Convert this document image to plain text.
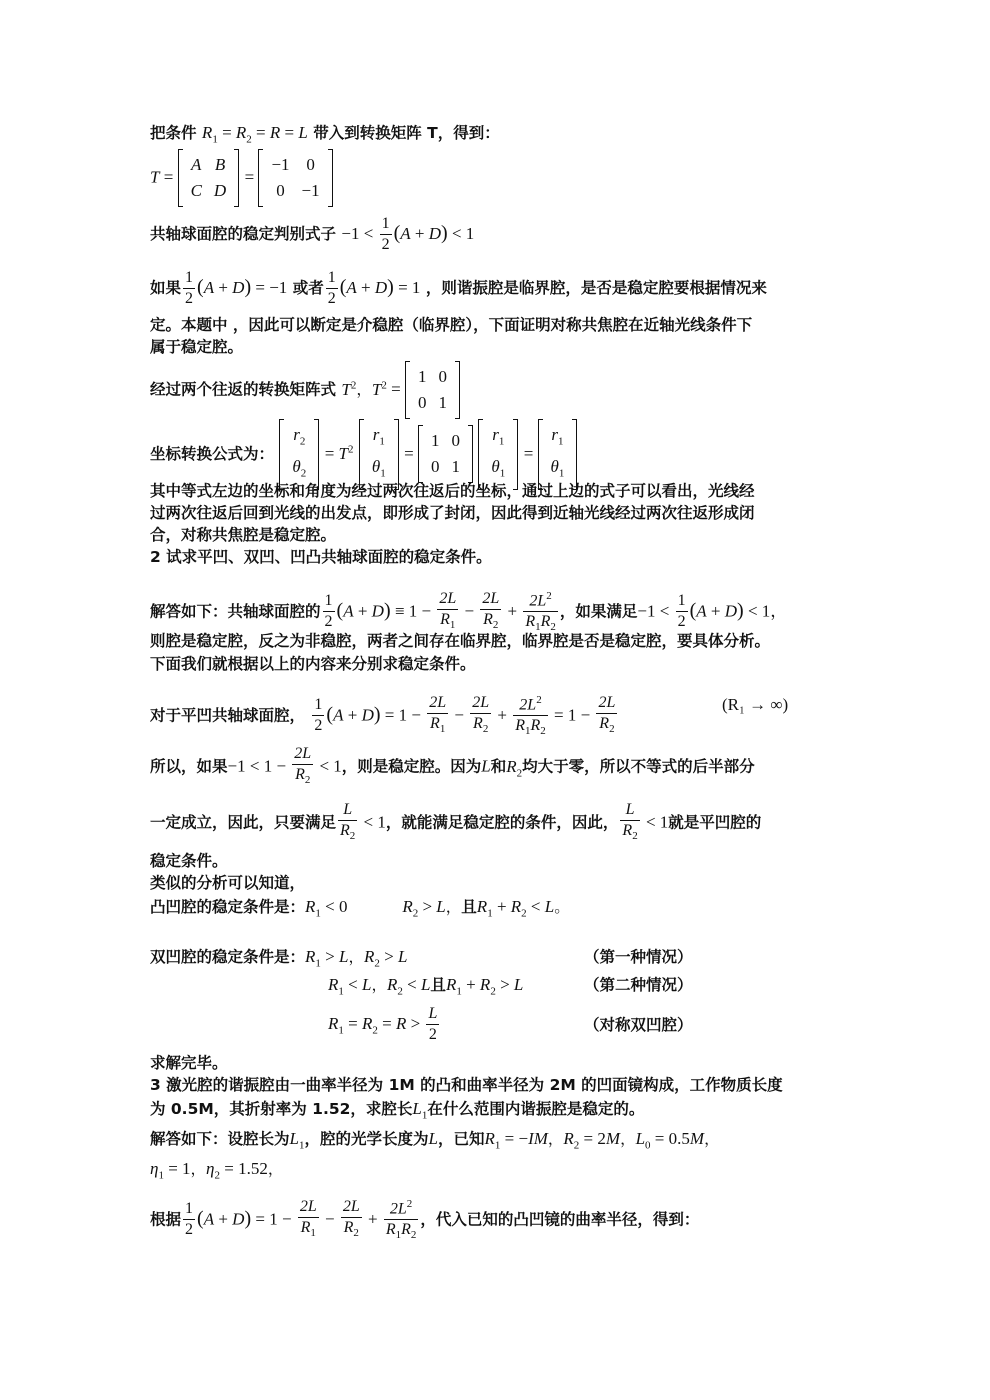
把条件 $R_1 = R_2 = R = L$ 带入到转换矩阵 T，得到：
T =
A	B
C	D
=
−1	0
0	−1
共轴球面腔的稳定判别式子 $-1 < \frac{1}{2} (A + D) < 1$
如果 $\frac{1}{2} (A + D) = -1$ 或者 $\frac{1}{2} (A + D) = 1$ ，则谐振腔是临界腔，是否是稳定腔要根据情况来
定。本题中 ，因此可以断定是介稳腔（临界腔），下面证明对称共焦腔在近轴光线条件下
属于稳定腔。
经过两个往返的转换矩阵式 $T^2$，$T^2$ =
1	0
0	1
坐标转换公式为：
$r_2$
$\theta_2$
= $T^2$
$r_1$
$\theta_1$
=
1	0
0	1

$r_1$
$\theta_1$
=
$r_1$
$\theta_1$
其中等式左边的坐标和角度为经过两次往返后的坐标，通过上边的式子可以看出，光线经
过两次往返后回到光线的出发点，即形成了封闭，因此得到近轴光线经过两次往返形成闭
合，对称共焦腔是稳定腔。
2 试求平凹、双凹、凹凸共轴球面腔的稳定条件。
解答如下：共轴球面腔的 $\frac{1}{2} (A + D) \equiv 1 - \frac{2L}{R_1} - \frac{2L}{R_2} + \frac{2L^2}{R_1R_2}$ ，如果满足$-1 < \frac{1}{2} (A + D) < 1$，
则腔是稳定腔，反之为非稳腔，两者之间存在临界腔，临界腔是否是稳定腔，要具体分析。
下面我们就根据以上的内容来分别求稳定条件。
对于平凹共轴球面腔， $\frac{1}{2} (A + D) = 1 - \frac{2L}{R_1} - \frac{2L}{R_2} + \frac{2L^2}{R_1R_2} = 1 - \frac{2L}{R_2}$	(R₁ → ∞)
所以，如果$-1 < 1 - \frac{2L}{R_2} < 1$，则是稳定腔。因为L和$R_2$均大于零，所以不等式的后半部分
一定成立，因此，只要满足 $\frac{L}{R_2} < 1$，就能满足稳定腔的条件，因此， $\frac{L}{R_2} < 1$就是平凹腔的
稳定条件。
类似的分析可以知道，
凸凹腔的稳定条件是：$R_1 < 0$	$R_2 > L$，且$R_1 + R_2 < L$。
双凹腔的稳定条件是：$R_1 > L$，$R_2 > L$	（第一种情况）
$R_1 < L$，$R_2 < L$且$R_1 + R_2 > L$	（第二种情况）
$R_1 = R_2 = R > \frac{L}{2}$	（对称双凹腔）
求解完毕。
3 激光腔的谐振腔由一曲率半径为 1M 的凸和曲率半径为 2M 的凹面镜构成，工作物质长度
为 0.5M，其折射率为 1.52，求腔长$L_1$在什么范围内谐振腔是稳定的。
解答如下：设腔长为$L_1$，腔的光学长度为L，已知$R_1 = -IM$，$R_2 = 2M$，$L_0 = 0.5M$，
$\eta_1 = 1$，$\eta_2 = 1.52$，
根据 $\frac{1}{2} (A + D) = 1 - \frac{2L}{R_1} - \frac{2L}{R_2} + \frac{2L^2}{R_1R_2}$ ，代入已知的凸凹镜的曲率半径，得到：
